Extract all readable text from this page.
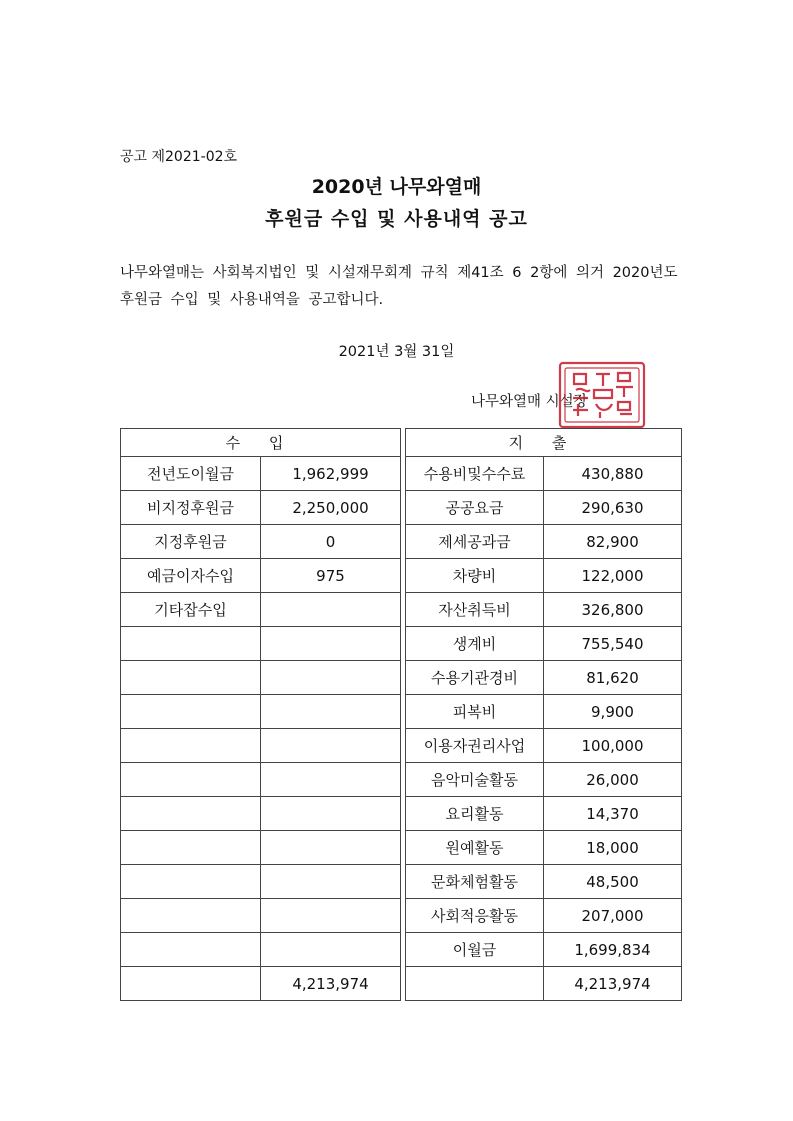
공고 제2021-02호
2020년 나무와열매
후원금 수입 및 사용내역 공고
나무와열매는 사회복지법인 및 시설재무회계 규칙 제41조 6 2항에 의거 2020년도 후원금 수입 및 사용내역을 공고합니다.
2021년 3월 31일
나무와열매 시설장
수 입			지 출	
전년도이월금	1,962,999		수용비및수수료	430,880
비지정후원금	2,250,000		공공요금	290,630
지정후원금	0		제세공과금	82,900
예금이자수입	975		차량비	122,000
기타잡수입			자산취득비	326,800
			생계비	755,540
			수용기관경비	81,620
			피복비	9,900
			이용자권리사업	100,000
			음악미술활동	26,000
			요리활동	14,370
			원예활동	18,000
			문화체험활동	48,500
			사회적응활동	207,000
			이월금	1,699,834
	4,213,974			4,213,974
